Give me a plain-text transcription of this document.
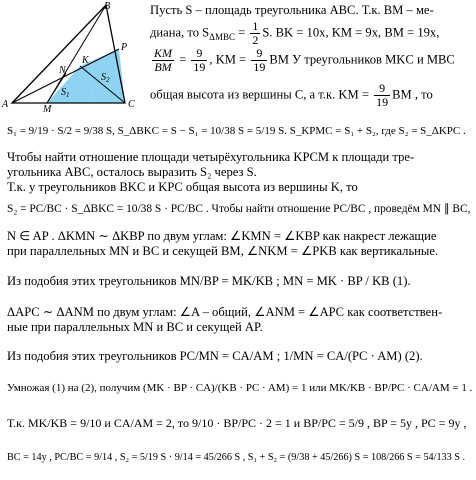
B
P
K
N
A	M	C
$S_1$
$S_2$
Пусть S – площадь треугольника ABC. Т.к. BM – ме-
диана, то $S_{\Delta MBC} = \frac{1}{2} S$. BK = 10x, KM = 9x, BM = 19x,
$\frac{KM}{BM} = \frac{9}{19}$ , KM = $\frac{9}{19}$ BM У треугольников MKC и MBC
общая высота из вершины C, а т.к. KM = $\frac{9}{19}$ BM , то
S₁ = 9/19 · S/2 = 9/38 S, S_ΔBKC = S − S₁ = 10/38 S = 5/19 S. S_KPMC = S₁ + S₂, где S₂ = S_ΔKPC .
Чтобы найти отношение площади четырёхугольника KPCM к площади тре-
угольника ABC, осталось выразить S₂ через S.
Т.к. у треугольников BKC и KPC общая высота из вершины K, то
S₂ = PC/BC · S_ΔBKC = 10/38 S · PC/BC . Чтобы найти отношение PC/BC , проведём MN ∥ BC,
N ∈ AP . ΔKMN ∼ ΔKBP по двум углам: ∠KMN = ∠KBP как накрест лежащие
при параллельных MN и BC и секущей BM, ∠NKM = ∠PKB как вертикальные.
Из подобия этих треугольников MN/BP = MK/KB ; MN = MK · BP / KB (1).
ΔAPC ∼ ΔANM по двум углам: ∠A – общий, ∠ANM = ∠APC как соответствен-
ные при параллельных MN и BC и секущей AP.
Из подобия этих треугольников PC/MN = CA/AM ; 1/MN = CA/(PC · AM) (2).
Умножая (1) на (2), получим (MK · BP · CA)/(KB · PC · AM) = 1 или MK/KB · BP/PC · CA/AM = 1 .
Т.к. MK/KB = 9/10 и CA/AM = 2, то 9/10 · BP/PC · 2 = 1 и BP/PC = 5/9 , BP = 5y , PC = 9y ,
BC = 14y , PC/BC = 9/14 , S₂ = 5/19 S · 9/14 = 45/266 S , S₁ + S₂ = (9/38 + 45/266) S = 108/266 S = 54/133 S .
